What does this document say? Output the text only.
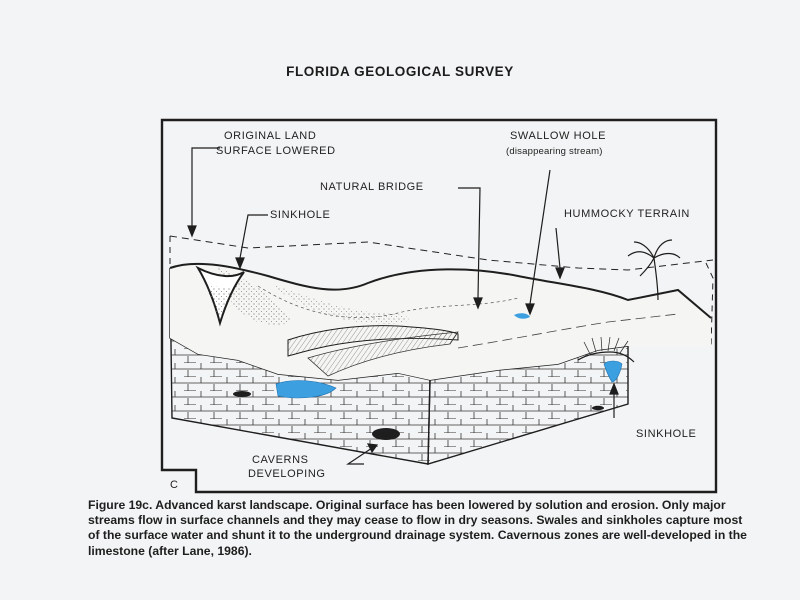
FLORIDA GEOLOGICAL SURVEY
ORIGINAL LAND
SURFACE LOWERED
SWALLOW HOLE
(disappearing stream)
NATURAL BRIDGE
SINKHOLE	HUMMOCKY TERRAIN
SINKHOLE
CAVERNS
DEVELOPING
C
Figure 19c. Advanced karst landscape. Original surface has been lowered by solution and erosion. Only major streams flow in surface channels and they may cease to flow in dry seasons. Swales and sinkholes capture most of the surface water and shunt it to the underground drainage system. Cavernous zones are well-developed in the limestone (after Lane, 1986).
